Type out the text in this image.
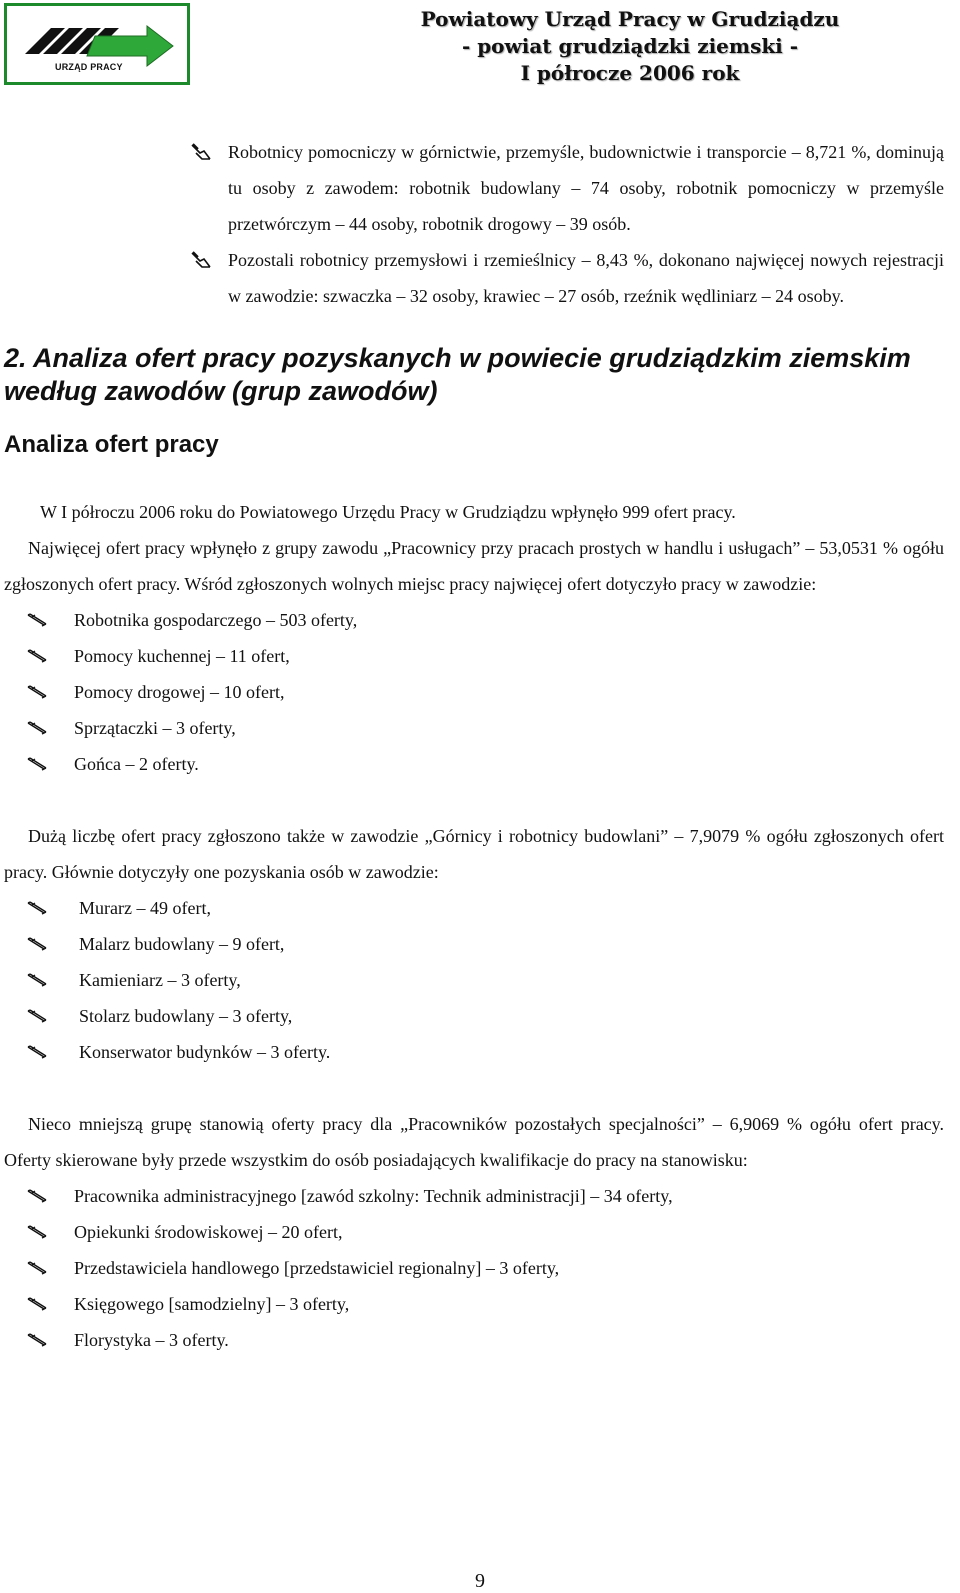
URZĄD PRACY
Powiatowy Urząd Pracy w Grudziądzu
- powiat grudziądzki ziemski -
I półrocze 2006 rok
Robotnicy pomocniczy w górnictwie, przemyśle, budownictwie i transporcie – 8,721 %, dominują tu osoby z zawodem: robotnik budowlany – 74 osoby, robotnik pomocniczy w przemyśle przetwórczym – 44 osoby, robotnik drogowy – 39 osób.
Pozostali robotnicy przemysłowi i rzemieślnicy – 8,43 %, dokonano najwięcej nowych rejestracji w zawodzie: szwaczka – 32 osoby, krawiec – 27 osób, rzeźnik wędliniarz – 24 osoby.
2. Analiza ofert pracy pozyskanych w powiecie grudziądzkim ziemskim według zawodów (grup zawodów)
Analiza ofert pracy

W I półroczu 2006 roku do Powiatowego Urzędu Pracy w Grudziądzu wpłynęło 999 ofert pracy.

Najwięcej ofert pracy wpłynęło z grupy zawodu „Pracownicy przy pracach prostych w handlu i usługach” – 53,0531 % ogółu zgłoszonych ofert pracy. Wśród zgłoszonych wolnych miejsc pracy najwięcej ofert dotyczyło pracy w zawodzie:

Robotnika gospodarczego – 503 oferty,
Pomocy kuchennej – 11 ofert,
Pomocy drogowej – 10 ofert,
Sprzątaczki – 3 oferty,
Gońca – 2 oferty.

Dużą liczbę ofert pracy zgłoszono także w zawodzie „Górnicy i robotnicy budowlani” – 7,9079 % ogółu zgłoszonych ofert pracy. Głównie dotyczyły one pozyskania osób w zawodzie:

Murarz – 49 ofert,
Malarz budowlany – 9 ofert,
Kamieniarz – 3 oferty,
Stolarz budowlany – 3 oferty,
Konserwator budynków – 3 oferty.

Nieco mniejszą grupę stanowią oferty pracy dla „Pracowników pozostałych specjalności” – 6,9069 % ogółu ofert pracy. Oferty skierowane były przede wszystkim do osób posiadających kwalifikacje do pracy na stanowisku:

Pracownika administracyjnego [zawód szkolny: Technik administracji] – 34 oferty,
Opiekunki środowiskowej – 20 ofert,
Przedstawiciela handlowego [przedstawiciel regionalny] – 3 oferty,
Księgowego [samodzielny] – 3 oferty,
Florystyka – 3 oferty.
9
